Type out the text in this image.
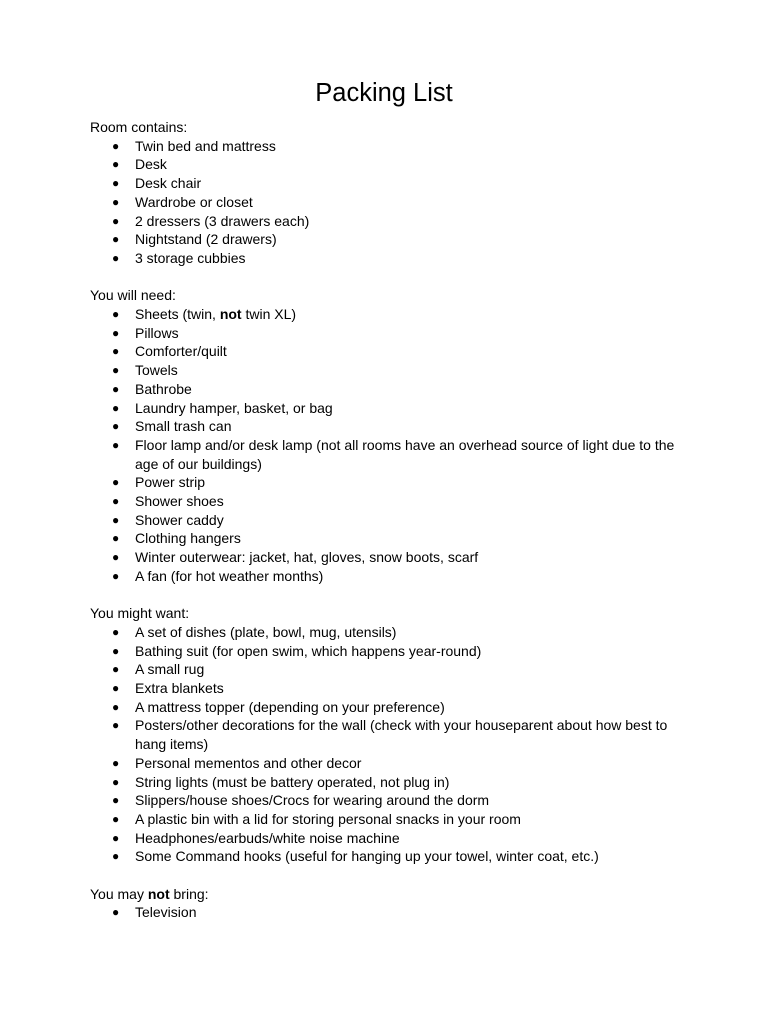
Packing List

Room contains:

● Twin bed and mattress
● Desk
● Desk chair
● Wardrobe or closet
● 2 dressers (3 drawers each)
● Nightstand (2 drawers)
● 3 storage cubbies

You will need:

● Sheets (twin, not twin XL)
● Pillows
● Comforter/quilt
● Towels
● Bathrobe
● Laundry hamper, basket, or bag
● Small trash can
● Floor lamp and/or desk lamp (not all rooms have an overhead source of light due to the age of our buildings)
● Power strip
● Shower shoes
● Shower caddy
● Clothing hangers
● Winter outerwear: jacket, hat, gloves, snow boots, scarf
● A fan (for hot weather months)

You might want:

● A set of dishes (plate, bowl, mug, utensils)
● Bathing suit (for open swim, which happens year-round)
● A small rug
● Extra blankets
● A mattress topper (depending on your preference)
● Posters/other decorations for the wall (check with your houseparent about how best to hang items)
● Personal mementos and other decor
● String lights (must be battery operated, not plug in)
● Slippers/house shoes/Crocs for wearing around the dorm
● A plastic bin with a lid for storing personal snacks in your room
● Headphones/earbuds/white noise machine
● Some Command hooks (useful for hanging up your towel, winter coat, etc.)

You may not bring:

● Television
